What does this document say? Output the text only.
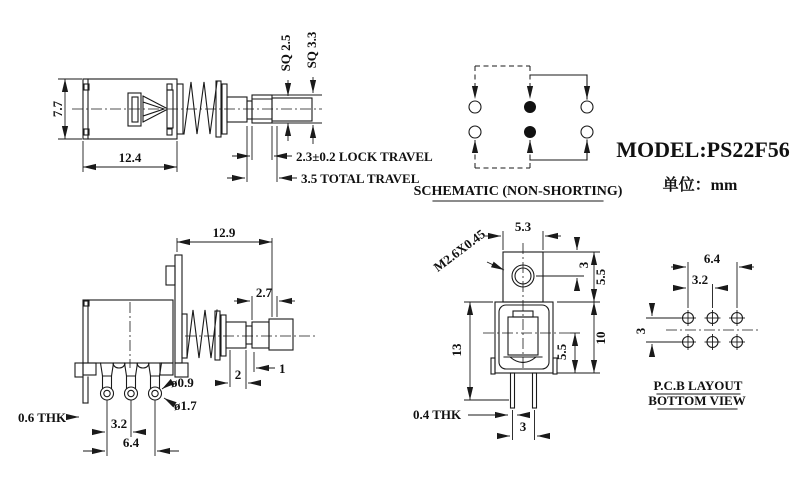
7.7
12.4
SQ 2.5 SQ 3.3
2.3±0.2 LOCK TRAVEL
3.5 TOTAL TRAVEL
SCHEMATIC (NON-SHORTING)
MODEL:PS22F56
单位：mm
12.9
2.7
1
2
ø0.9
ø1.7
0.6 THK	3.2
6.4
5.3
M2.6X0.45	3
5.5
10
5.5
13
0.4 THK
3
6.4
3.2
3
P.C.B LAYOUT
BOTTOM VIEW
